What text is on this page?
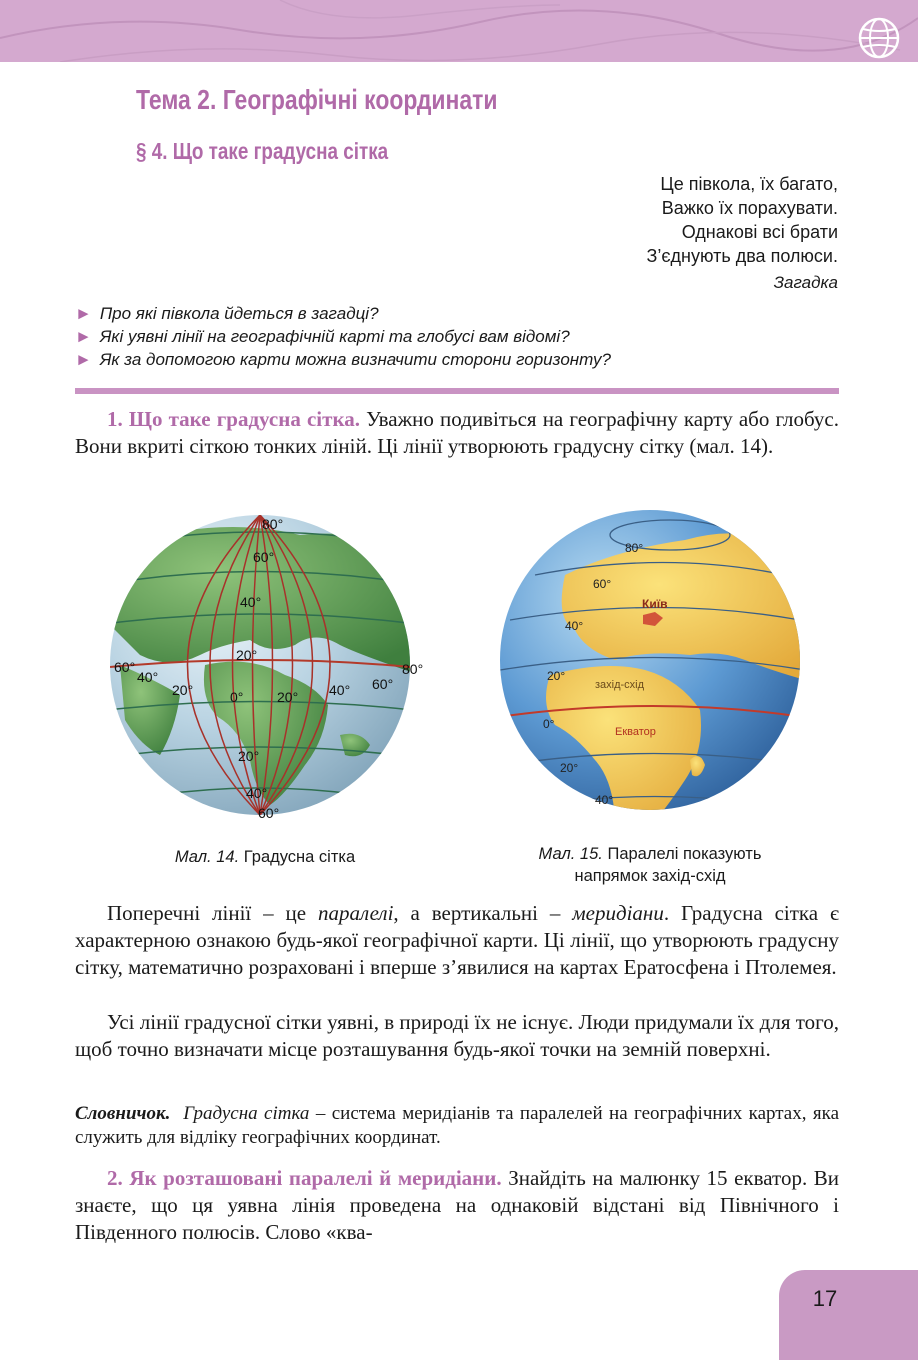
Тема 2. Географічні координати
§ 4. Що таке градусна сітка
Це півкола, їх багато,
Важко їх порахувати.
Однакові всі брати
З’єднують два полюси.
Загадка
► Про які півкола йдеться в загадці?
► Які уявні лінії на географічній карті та глобусі вам відомі?
► Як за допомогою карти можна визначити сторони горизонту?
1. Що таке градусна сітка. Уважно подивіться на географічну карту або глобус. Вони вкриті сіткою тонких ліній. Ці лінії утворюють градусну сітку (мал. 14).
80°
60°
40°
20°
60°
40°
20°	0° 20° 40° 60°
80°
20°
40°
60°
80°
60°
40°
20°
0°
20°
40°
Київ
захід-схід
Екватор
Мал. 14. Градусна сітка	Мал. 15. Паралелі показують
напрямок захід-схід
Поперечні лінії – це паралелі, а вертикальні – меридіани. Градусна сітка є характерною ознакою будь-якої географічної карти. Ці лінії, що утворюють градусну сітку, математично розраховані і вперше з’явилися на картах Ератосфена і Птолемея.
Усі лінії градусної сітки уявні, в природі їх не існує. Люди придумали їх для того, щоб точно визначати місце розташування будь-якої точки на земній поверхні.
Словничок. Градусна сітка – система меридіанів та паралелей на географічних картах, яка служить для відліку географічних координат.
2. Як розташовані паралелі й меридіани. Знайдіть на малюнку 15 екватор. Ви знаєте, що ця уявна лінія проведена на однаковій відстані від Північного і Південного полюсів. Слово «ква-
17
